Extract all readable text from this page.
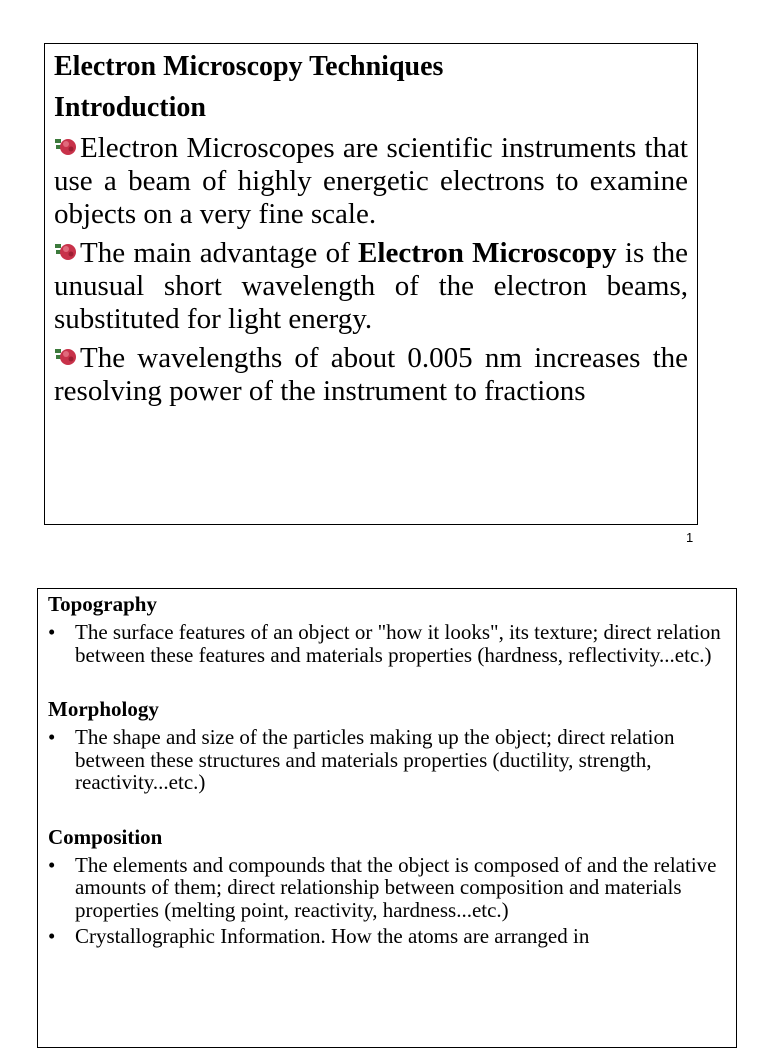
Electron Microscopy Techniques
Introduction

Electron Microscopes are scientific instruments that use a beam of highly energetic electrons to examine objects on a very fine scale.

The main advantage of Electron Microscopy is the unusual short wavelength of the electron beams, substituted for light energy.

The wavelengths of about 0.005 nm increases the resolving power of the instrument to fractions

1
Topography
• The surface features of an object or "how it looks", its texture; direct relation between these features and materials properties (hardness, reflectivity...etc.)
Morphology
• The shape and size of the particles making up the object; direct relation between these structures and materials properties (ductility, strength, reactivity...etc.)
Composition
• The elements and compounds that the object is composed of and the relative amounts of them; direct relationship between composition and materials properties (melting point, reactivity, hardness...etc.)
• Crystallographic Information. How the atoms are arranged in
